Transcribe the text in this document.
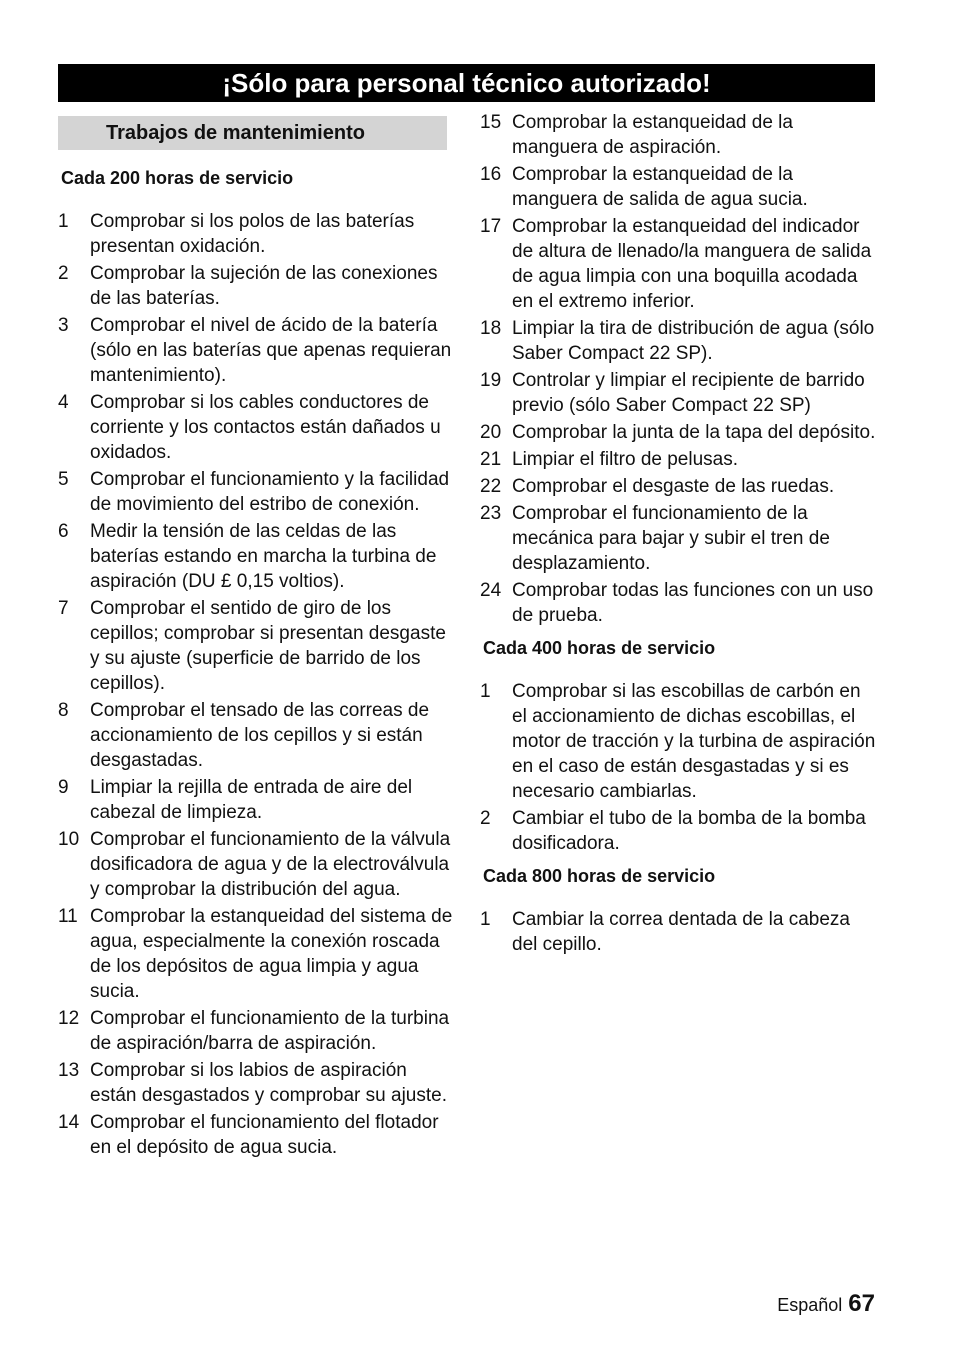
¡Sólo para personal técnico autorizado!
Trabajos de mantenimiento
Cada 200 horas de servicio
1	Comprobar si los polos de las baterías presentan oxidación.
2	Comprobar la sujeción de las conexiones de las baterías.
3	Comprobar el nivel de ácido de la batería (sólo en las baterías que apenas requieran mantenimiento).
4	Comprobar si los cables conductores de corriente y los contactos están dañados u oxidados.
5	Comprobar el funcionamiento y la facilidad de movimiento del estribo de conexión.
6	Medir la tensión de las celdas de las baterías estando en marcha la turbina de aspiración (DU £ 0,15 voltios).
7	Comprobar el sentido de giro de los cepillos; comprobar si presentan desgaste y su ajuste (superficie de barrido de los cepillos).
8	Comprobar el tensado de las correas de accionamiento de los cepillos y si están desgastadas.
9	Limpiar la rejilla de entrada de aire del cabezal de limpieza.
10 Comprobar el funcionamiento de la válvula dosificadora de agua y de la electroválvula y comprobar la distribución del agua.
11 Comprobar la estanqueidad del sistema de agua, especialmente la conexión roscada de los depósitos de agua limpia y agua sucia.
12 Comprobar el funcionamiento de la turbina de aspiración/barra de aspiración.
13 Comprobar si los labios de aspiración están desgastados y comprobar su ajuste.
14 Comprobar el funcionamiento del flotador en el depósito de agua sucia.
15 Comprobar la estanqueidad de la manguera de aspiración.
16 Comprobar la estanqueidad de la manguera de salida de agua sucia.
17 Comprobar la estanqueidad del indicador de altura de llenado/la manguera de salida de agua limpia con una boquilla acodada en el extremo inferior.
18 Limpiar la tira de distribución de agua (sólo Saber Compact 22 SP).
19 Controlar y limpiar el recipiente de barrido previo (sólo Saber Compact 22 SP)
20 Comprobar la junta de la tapa del depósito.
21 Limpiar el filtro de pelusas.
22 Comprobar el desgaste de las ruedas.
23 Comprobar el funcionamiento de la mecánica para bajar y subir el tren de desplazamiento.
24 Comprobar todas las funciones con un uso de prueba.
Cada 400 horas de servicio
1	Comprobar si las escobillas de carbón en el accionamiento de dichas escobillas, el motor de tracción y la turbina de aspiración en el caso de están desgastadas y si es necesario cambiarlas.
2	Cambiar el tubo de la bomba de la bomba dosificadora.
Cada 800 horas de servicio
1	Cambiar la correa dentada de la cabeza del cepillo.
Español 67
